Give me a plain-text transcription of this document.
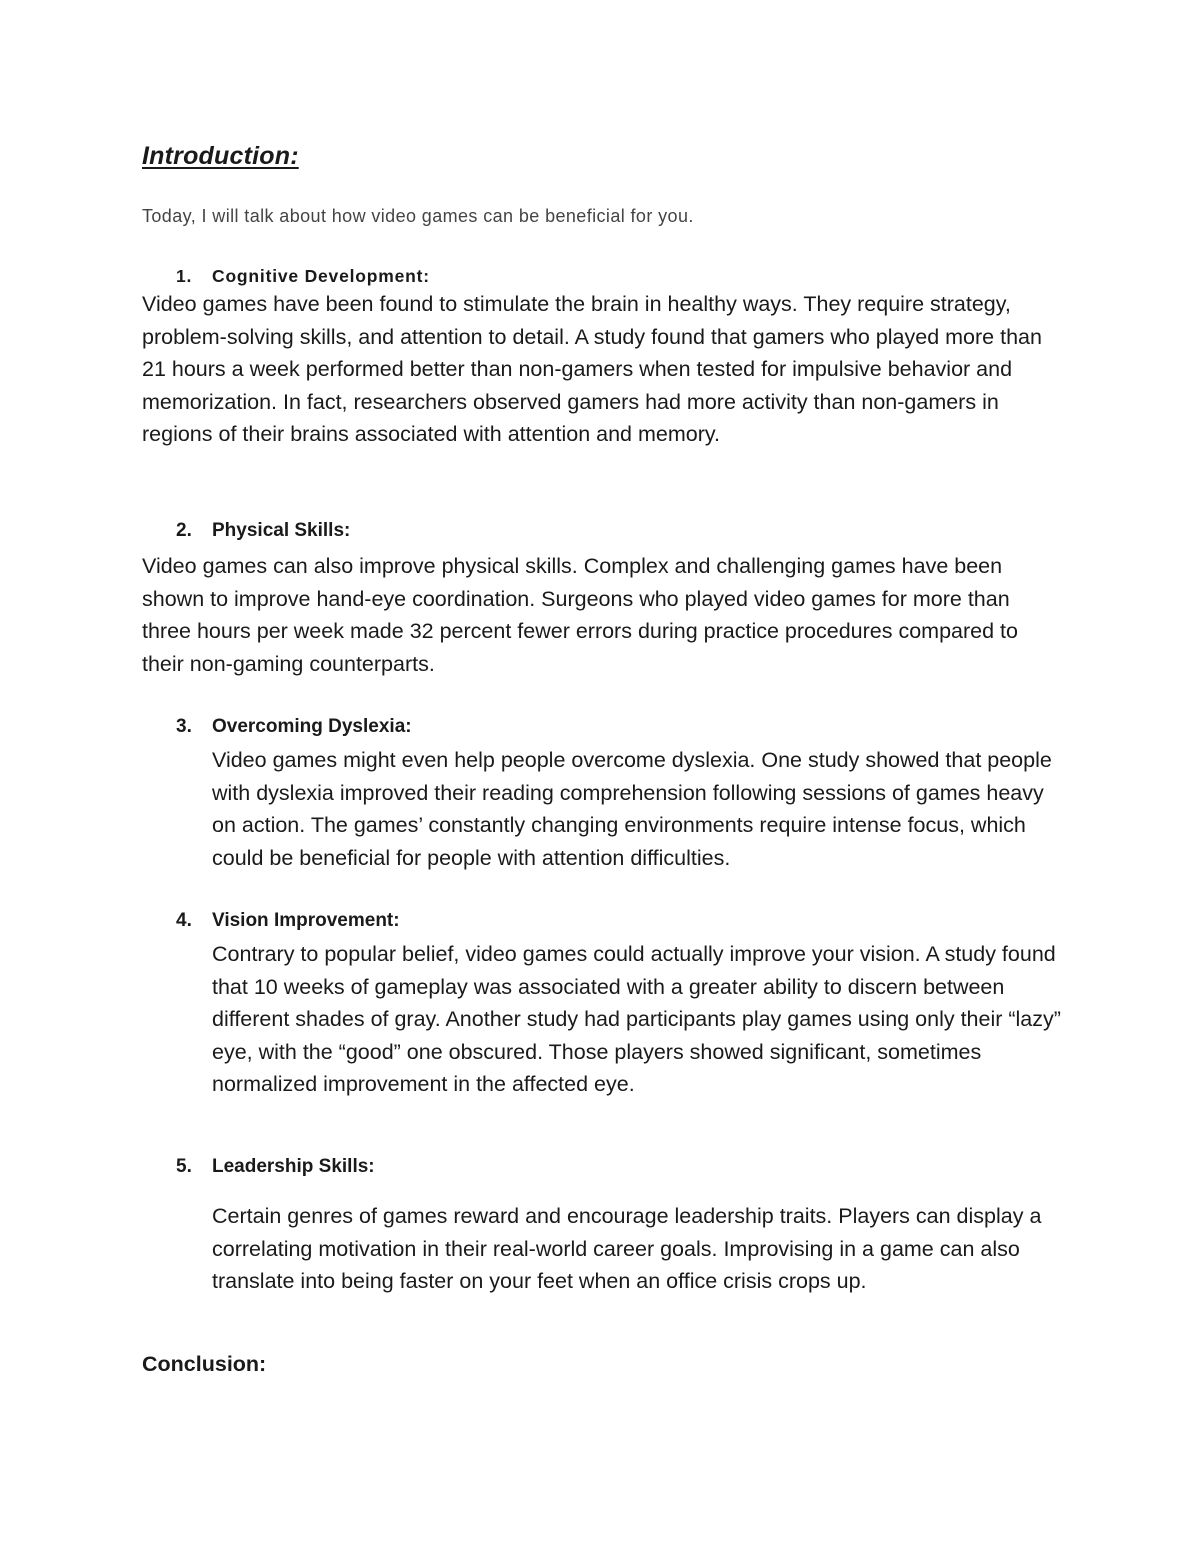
Introduction:
Today, I will talk about how video games can be beneficial for you.
1. Cognitive Development:
Video games have been found to stimulate the brain in healthy ways. They require strategy, problem-solving skills, and attention to detail. A study found that gamers who played more than 21 hours a week performed better than non-gamers when tested for impulsive behavior and memorization. In fact, researchers observed gamers had more activity than non-gamers in regions of their brains associated with attention and memory.
2. Physical Skills:
Video games can also improve physical skills. Complex and challenging games have been shown to improve hand-eye coordination. Surgeons who played video games for more than three hours per week made 32 percent fewer errors during practice procedures compared to their non-gaming counterparts.
3. Overcoming Dyslexia:
Video games might even help people overcome dyslexia. One study showed that people with dyslexia improved their reading comprehension following sessions of games heavy on action. The games’ constantly changing environments require intense focus, which could be beneficial for people with attention difficulties.
4. Vision Improvement:
Contrary to popular belief, video games could actually improve your vision. A study found that 10 weeks of gameplay was associated with a greater ability to discern between different shades of gray. Another study had participants play games using only their “lazy” eye, with the “good” one obscured. Those players showed significant, sometimes normalized improvement in the affected eye.
5. Leadership Skills:
Certain genres of games reward and encourage leadership traits. Players can display a correlating motivation in their real-world career goals. Improvising in a game can also translate into being faster on your feet when an office crisis crops up.
Conclusion:
